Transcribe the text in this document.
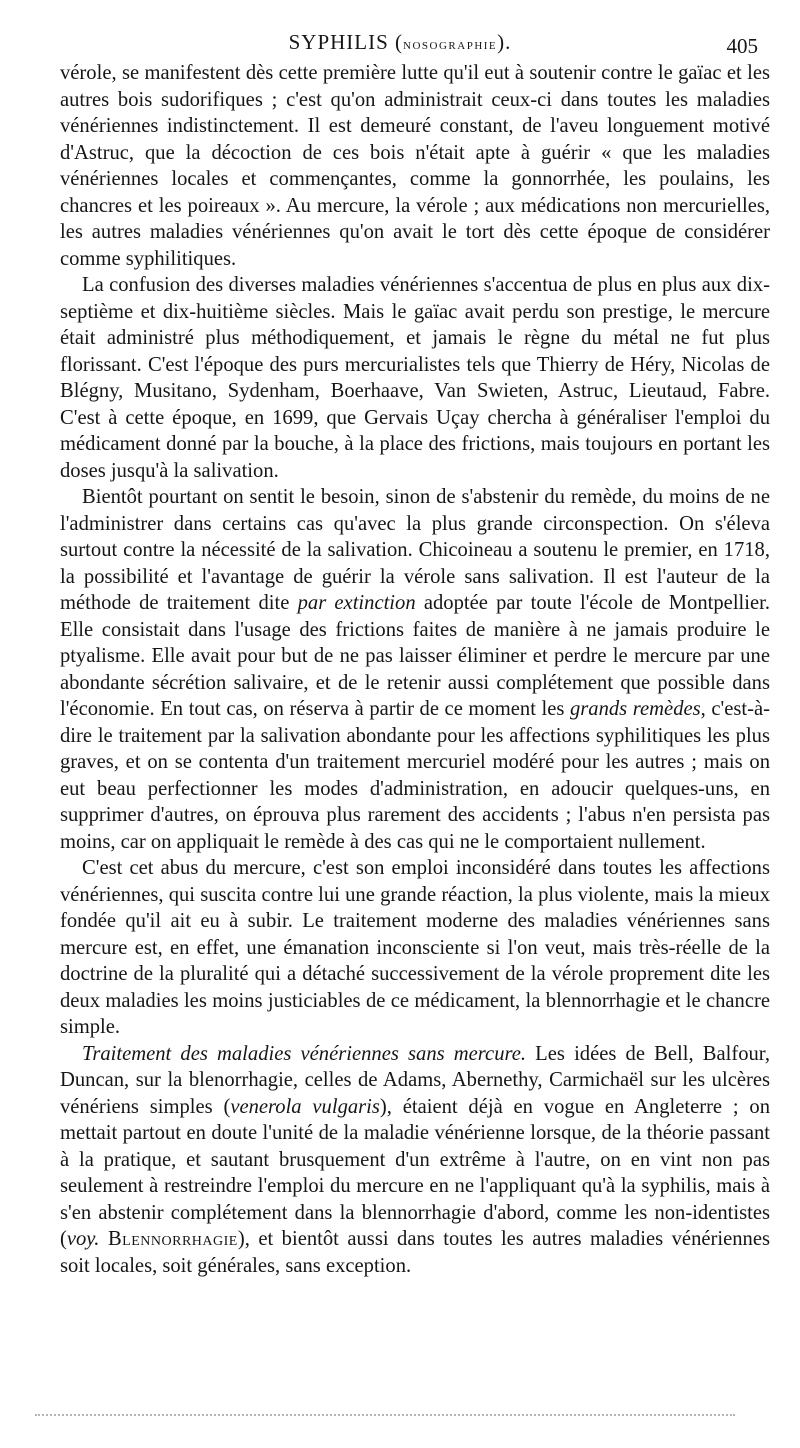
SYPHILIS (nosographie).	405

vérole, se manifestent dès cette première lutte qu'il eut à soutenir contre le gaïac et les autres bois sudorifiques ; c'est qu'on administrait ceux-ci dans toutes les maladies vénériennes indistinctement. Il est demeuré constant, de l'aveu longuement motivé d'Astruc, que la décoction de ces bois n'était apte à guérir « que les maladies vénériennes locales et commençantes, comme la gonnorrhée, les poulains, les chancres et les poireaux ». Au mercure, la vérole ; aux médications non mercurielles, les autres maladies vénériennes qu'on avait le tort dès cette époque de considérer comme syphilitiques.

La confusion des diverses maladies vénériennes s'accentua de plus en plus aux dix-septième et dix-huitième siècles. Mais le gaïac avait perdu son prestige, le mercure était administré plus méthodiquement, et jamais le règne du métal ne fut plus florissant. C'est l'époque des purs mercurialistes tels que Thierry de Héry, Nicolas de Blégny, Musitano, Sydenham, Boerhaave, Van Swieten, Astruc, Lieutaud, Fabre. C'est à cette époque, en 1699, que Gervais Uçay chercha à généraliser l'emploi du médicament donné par la bouche, à la place des frictions, mais toujours en portant les doses jusqu'à la salivation.

Bientôt pourtant on sentit le besoin, sinon de s'abstenir du remède, du moins de ne l'administrer dans certains cas qu'avec la plus grande circonspection. On s'éleva surtout contre la nécessité de la salivation. Chicoineau a soutenu le premier, en 1718, la possibilité et l'avantage de guérir la vérole sans salivation. Il est l'auteur de la méthode de traitement dite par extinction adoptée par toute l'école de Montpellier. Elle consistait dans l'usage des frictions faites de manière à ne jamais produire le ptyalisme. Elle avait pour but de ne pas laisser éliminer et perdre le mercure par une abondante sécrétion salivaire, et de le retenir aussi complétement que possible dans l'économie. En tout cas, on réserva à partir de ce moment les grands remèdes, c'est-à-dire le traitement par la salivation abondante pour les affections syphilitiques les plus graves, et on se contenta d'un traitement mercuriel modéré pour les autres ; mais on eut beau perfectionner les modes d'administration, en adoucir quelques-uns, en supprimer d'autres, on éprouva plus rarement des accidents ; l'abus n'en persista pas moins, car on appliquait le remède à des cas qui ne le comportaient nullement.

C'est cet abus du mercure, c'est son emploi inconsidéré dans toutes les affections vénériennes, qui suscita contre lui une grande réaction, la plus violente, mais la mieux fondée qu'il ait eu à subir. Le traitement moderne des maladies vénériennes sans mercure est, en effet, une émanation inconsciente si l'on veut, mais très-réelle de la doctrine de la pluralité qui a détaché successivement de la vérole proprement dite les deux maladies les moins justiciables de ce médicament, la blennorrhagie et le chancre simple.

Traitement des maladies vénériennes sans mercure. Les idées de Bell, Balfour, Duncan, sur la blenorrhagie, celles de Adams, Abernethy, Carmichaël sur les ulcères vénériens simples (venerola vulgaris), étaient déjà en vogue en Angleterre ; on mettait partout en doute l'unité de la maladie vénérienne lorsque, de la théorie passant à la pratique, et sautant brusquement d'un extrême à l'autre, on en vint non pas seulement à restreindre l'emploi du mercure en ne l'appliquant qu'à la syphilis, mais à s'en abstenir complétement dans la blennorrhagie d'abord, comme les non-identistes (voy. Blennorrhagie), et bientôt aussi dans toutes les autres maladies vénériennes soit locales, soit générales, sans exception.
